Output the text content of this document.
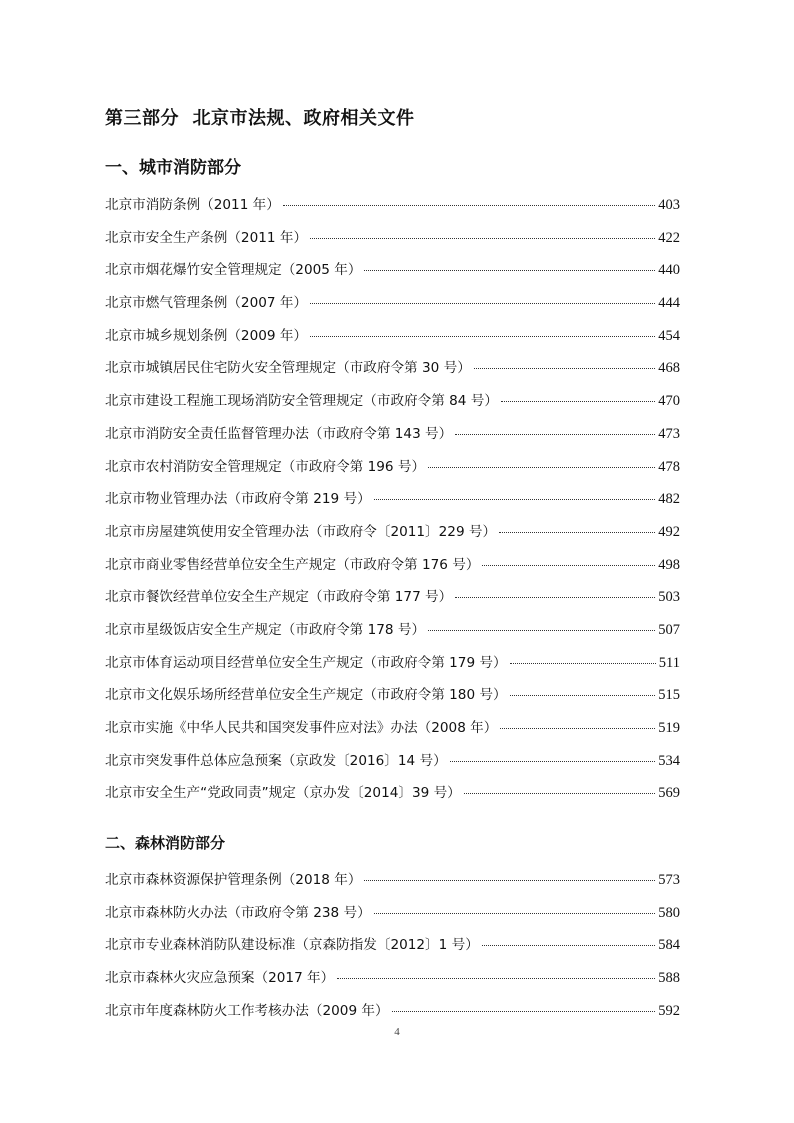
第三部分  北京市法规、政府相关文件
一、城市消防部分
北京市消防条例（2011 年）	403
北京市安全生产条例（2011 年）	422
北京市烟花爆竹安全管理规定（2005 年）	440
北京市燃气管理条例（2007 年）	444
北京市城乡规划条例（2009 年）	454
北京市城镇居民住宅防火安全管理规定（市政府令第 30 号）	468
北京市建设工程施工现场消防安全管理规定（市政府令第 84 号）	470
北京市消防安全责任监督管理办法（市政府令第 143 号）	473
北京市农村消防安全管理规定（市政府令第 196 号）	478
北京市物业管理办法（市政府令第 219 号）	482
北京市房屋建筑使用安全管理办法（市政府令〔2011〕229 号）	492
北京市商业零售经营单位安全生产规定（市政府令第 176 号）	498
北京市餐饮经营单位安全生产规定（市政府令第 177 号）	503
北京市星级饭店安全生产规定（市政府令第 178 号）	507
北京市体育运动项目经营单位安全生产规定（市政府令第 179 号）	511
北京市文化娱乐场所经营单位安全生产规定（市政府令第 180 号）	515
北京市实施《中华人民共和国突发事件应对法》办法（2008 年）	519
北京市突发事件总体应急预案（京政发〔2016〕14 号）	534
北京市安全生产“党政同责”规定（京办发〔2014〕39 号）	569
二、森林消防部分
北京市森林资源保护管理条例（2018 年）	573
北京市森林防火办法（市政府令第 238 号）	580
北京市专业森林消防队建设标准（京森防指发〔2012〕1 号）	584
北京市森林火灾应急预案（2017 年）	588
北京市年度森林防火工作考核办法（2009 年）	592
4
